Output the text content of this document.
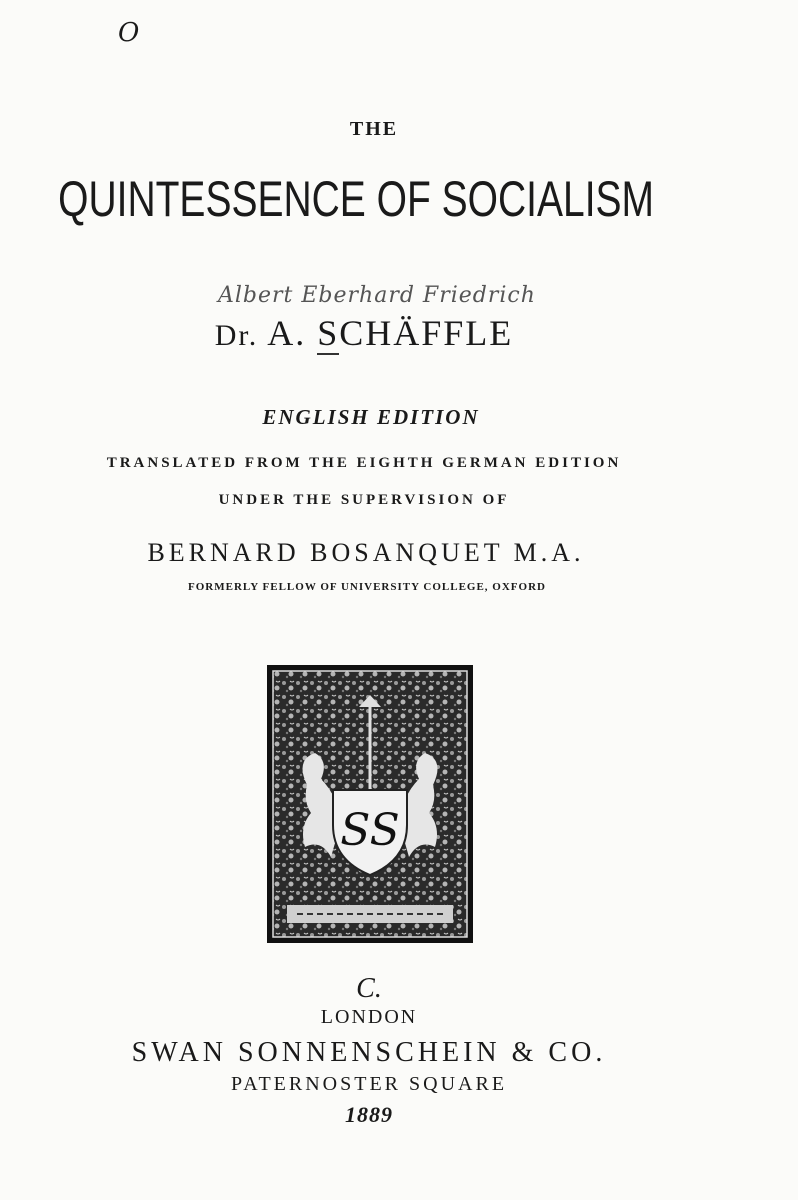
O
THE
QUINTESSENCE OF SOCIALISM
Albert Eberhard Friedrich
Dr. A. SCHÄFFLE
ENGLISH EDITION
TRANSLATED FROM THE EIGHTH GERMAN EDITION
UNDER THE SUPERVISION OF
BERNARD BOSANQUET M.A.
FORMERLY FELLOW OF UNIVERSITY COLLEGE, OXFORD
SS
C.
LONDON
SWAN SONNENSCHEIN & CO.
PATERNOSTER SQUARE
1889
